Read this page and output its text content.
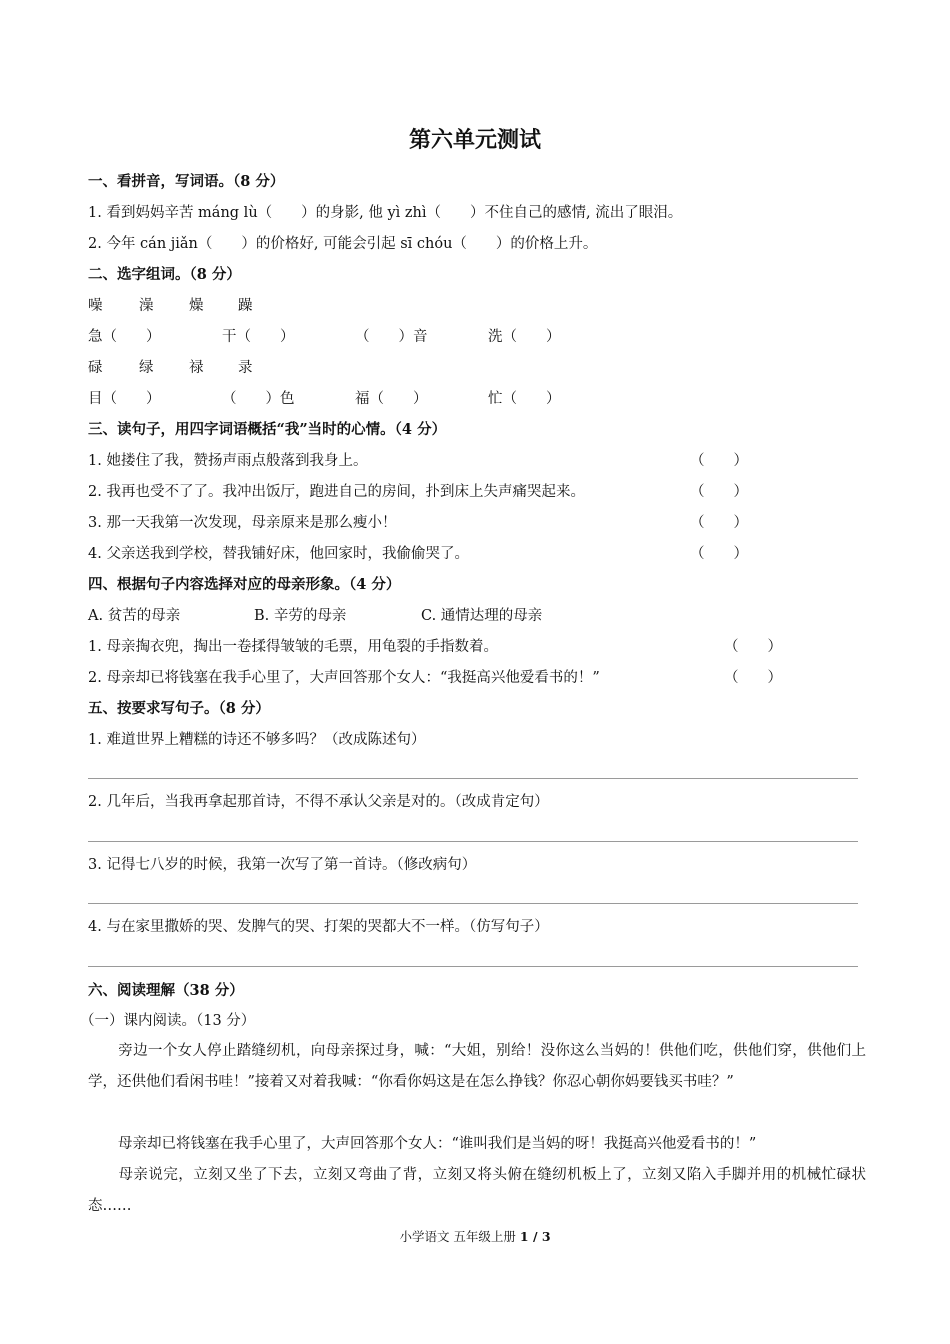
第六单元测试
一、看拼音，写词语。（8 分）
1. 看到妈妈辛苦 máng lù（　　）的身影, 他 yì zhì（　　）不住自己的感情, 流出了眼泪。
2. 今年 cán jiǎn（　　）的价格好, 可能会引起 sī chóu（　　）的价格上升。
二、选字组词。（8 分）
噪	澡 燥 躁
急（　　）	干（　　）	（　　）音	洗（　　）
碌	绿 禄 录
目（　　）	（　　）色	福（　　）	忙（　　）
三、读句子，用四字词语概括“我”当时的心情。（4 分）
1. 她搂住了我，赞扬声雨点般落到我身上。	（　　）
2. 我再也受不了了。我冲出饭厅，跑进自己的房间，扑到床上失声痛哭起来。	（　　）
3. 那一天我第一次发现，母亲原来是那么瘦小！	（　　）
4. 父亲送我到学校，替我铺好床，他回家时，我偷偷哭了。	（　　）
四、根据句子内容选择对应的母亲形象。（4 分）
A. 贫苦的母亲	B. 辛劳的母亲	C. 通情达理的母亲
1. 母亲掏衣兜，掏出一卷揉得皱皱的毛票，用龟裂的手指数着。	（　　）
2. 母亲却已将钱塞在我手心里了，大声回答那个女人：“我挺高兴他爱看书的！”	（　　）
五、按要求写句子。（8 分）
1. 难道世界上糟糕的诗还不够多吗？（改成陈述句）
2. 几年后，当我再拿起那首诗，不得不承认父亲是对的。（改成肯定句）
3. 记得七八岁的时候，我第一次写了第一首诗。（修改病句）
4. 与在家里撒娇的哭、发脾气的哭、打架的哭都大不一样。（仿写句子）
六、阅读理解（38 分）
（一）课内阅读。（13 分）
旁边一个女人停止踏缝纫机，向母亲探过身，喊：“大姐，别给！没你这么当妈的！供他们吃，供他们穿，供他们上学，还供他们看闲书哇！”接着又对着我喊：“你看你妈这是在怎么挣钱？你忍心朝你妈要钱买书哇？”
母亲却已将钱塞在我手心里了，大声回答那个女人：“谁叫我们是当妈的呀！我挺高兴他爱看书的！”
母亲说完，立刻又坐了下去，立刻又弯曲了背，立刻又将头俯在缝纫机板上了，立刻又陷入手脚并用的机械忙碌状态……
小学语文 五年级上册 1 / 3
